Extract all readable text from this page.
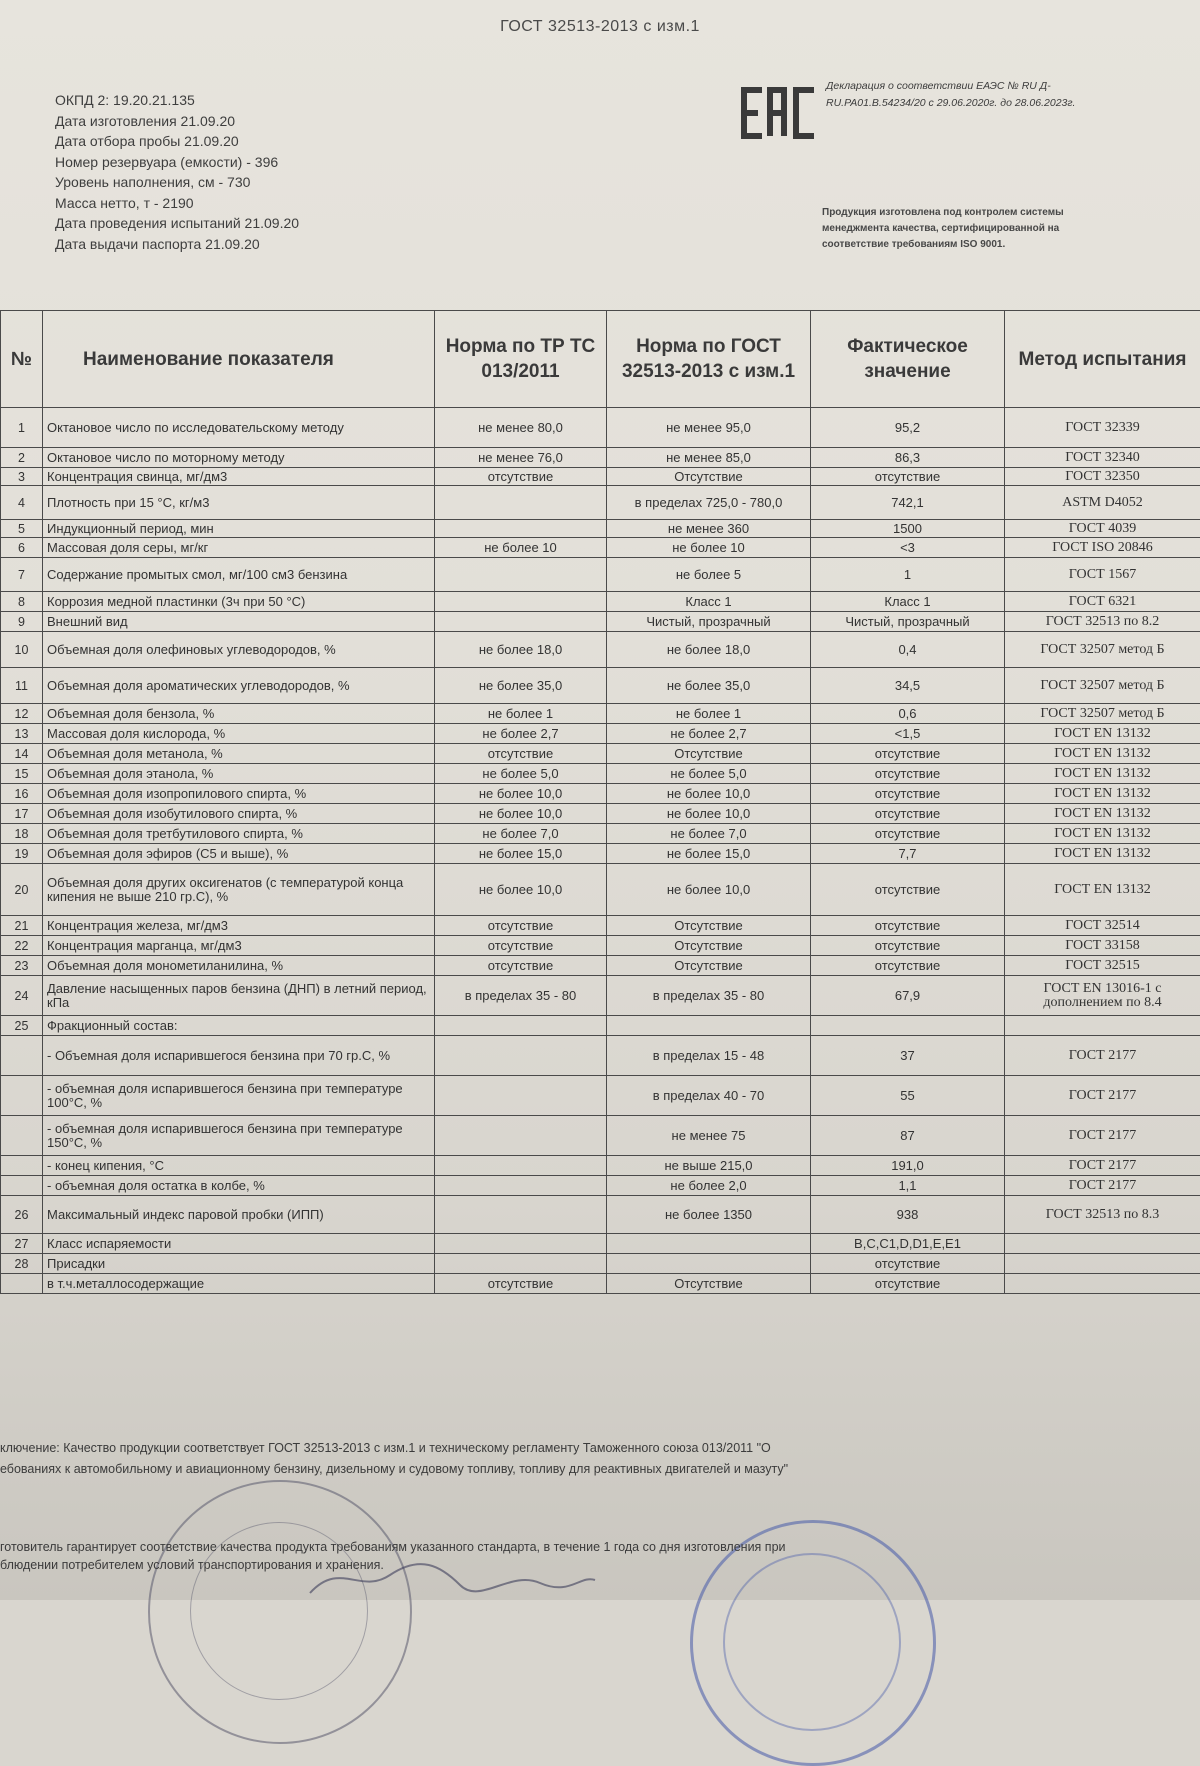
ГОСТ 32513-2013 с изм.1
ОКПД 2: 19.20.21.135
Дата изготовления 21.09.20
Дата отбора пробы 21.09.20
Номер резервуара (емкости) - 396
Уровень наполнения, см - 730
Масса нетто, т - 2190
Дата проведения испытаний 21.09.20
Дата выдачи паспорта 21.09.20
Декларация о соответствии ЕАЭС № RU Д-
RU.PA01.В.54234/20 с 29.06.2020г. до 28.06.2023г.
Продукция изготовлена под контролем системы
менеджмента качества, сертифицированной на
соответствие требованиям ISO 9001.
№	Наименование показателя	Норма по ТР ТС 013/2011	Норма по ГОСТ 32513-2013 с изм.1	Фактическое значение	Метод испытания
1	Октановое число по исследовательскому методу	не менее 80,0	не менее 95,0	95,2	ГОСТ 32339
2	Октановое число по моторному методу	не менее 76,0	не менее 85,0	86,3	ГОСТ 32340
3	Концентрация свинца, мг/дм3	отсутствие	Отсутствие	отсутствие	ГОСТ 32350
4	Плотность при 15 °С, кг/м3		в пределах 725,0 - 780,0	742,1	ASTM D4052
5	Индукционный период, мин		не менее 360	1500	ГОСТ 4039
6	Массовая доля серы, мг/кг	не более 10	не более 10	<3	ГОСТ ISO 20846
7	Содержание промытых смол, мг/100 см3 бензина		не более 5	1	ГОСТ 1567
8	Коррозия медной пластинки (3ч при 50 °С)		Класс 1	Класс 1	ГОСТ 6321
9	Внешний вид		Чистый, прозрачный	Чистый, прозрачный	ГОСТ 32513 по 8.2
10	Объемная доля олефиновых углеводородов, %	не более 18,0	не более 18,0	0,4	ГОСТ 32507 метод Б
11	Объемная доля ароматических углеводородов, %	не более 35,0	не более 35,0	34,5	ГОСТ 32507 метод Б
12	Объемная доля бензола, %	не более 1	не более 1	0,6	ГОСТ 32507 метод Б
13	Массовая доля кислорода, %	не более 2,7	не более 2,7	<1,5	ГОСТ EN 13132
14	Объемная доля метанола, %	отсутствие	Отсутствие	отсутствие	ГОСТ EN 13132
15	Объемная доля этанола, %	не более 5,0	не более 5,0	отсутствие	ГОСТ EN 13132
16	Объемная доля изопропилового спирта, %	не более 10,0	не более 10,0	отсутствие	ГОСТ EN 13132
17	Объемная доля изобутилового спирта, %	не более 10,0	не более 10,0	отсутствие	ГОСТ EN 13132
18	Объемная доля третбутилового спирта, %	не более 7,0	не более 7,0	отсутствие	ГОСТ EN 13132
19	Объемная доля эфиров (С5 и выше), %	не более 15,0	не более 15,0	7,7	ГОСТ EN 13132
20	Объемная доля других оксигенатов (с температурой конца кипения не выше 210 гр.С), %	не более 10,0	не более 10,0	отсутствие	ГОСТ EN 13132
21	Концентрация железа, мг/дм3	отсутствие	Отсутствие	отсутствие	ГОСТ 32514
22	Концентрация марганца, мг/дм3	отсутствие	Отсутствие	отсутствие	ГОСТ 33158
23	Объемная доля монометиланилина, %	отсутствие	Отсутствие	отсутствие	ГОСТ 32515
24	Давление насыщенных паров бензина (ДНП) в летний период, кПа	в пределах 35 - 80	в пределах 35 - 80	67,9	ГОСТ EN 13016-1 с дополнением по 8.4
25	Фракционный состав:				
	- Объемная доля испарившегося бензина при 70 гр.С, %		в пределах 15 - 48	37	ГОСТ 2177
	- объемная доля испарившегося бензина при температуре 100°С, %		в пределах 40 - 70	55	ГОСТ 2177
	- объемная доля испарившегося бензина при температуре 150°С, %		не менее 75	87	ГОСТ 2177
	- конец кипения, °С		не выше 215,0	191,0	ГОСТ 2177
	- объемная доля остатка в колбе, %		не более 2,0	1,1	ГОСТ 2177
26	Максимальный индекс паровой пробки (ИПП)		не более 1350	938	ГОСТ 32513 по 8.3
27	Класс испаряемости			B,C,C1,D,D1,E,E1	
28	Присадки			отсутствие	
	в т.ч.металлосодержащие	отсутствие	Отсутствие	отсутствие	
ключение: Качество продукции соответствует ГОСТ 32513-2013 с изм.1 и техническому регламенту Таможенного союза 013/2011 "О
ебованиях к автомобильному и авиационному бензину, дизельному и судовому топливу, топливу для реактивных двигателей и мазуту"
готовитель гарантирует соответствие качества продукта требованиям указанного стандарта, в течение 1 года со дня изготовления при
блюдении потребителем условий транспортирования и хранения.
